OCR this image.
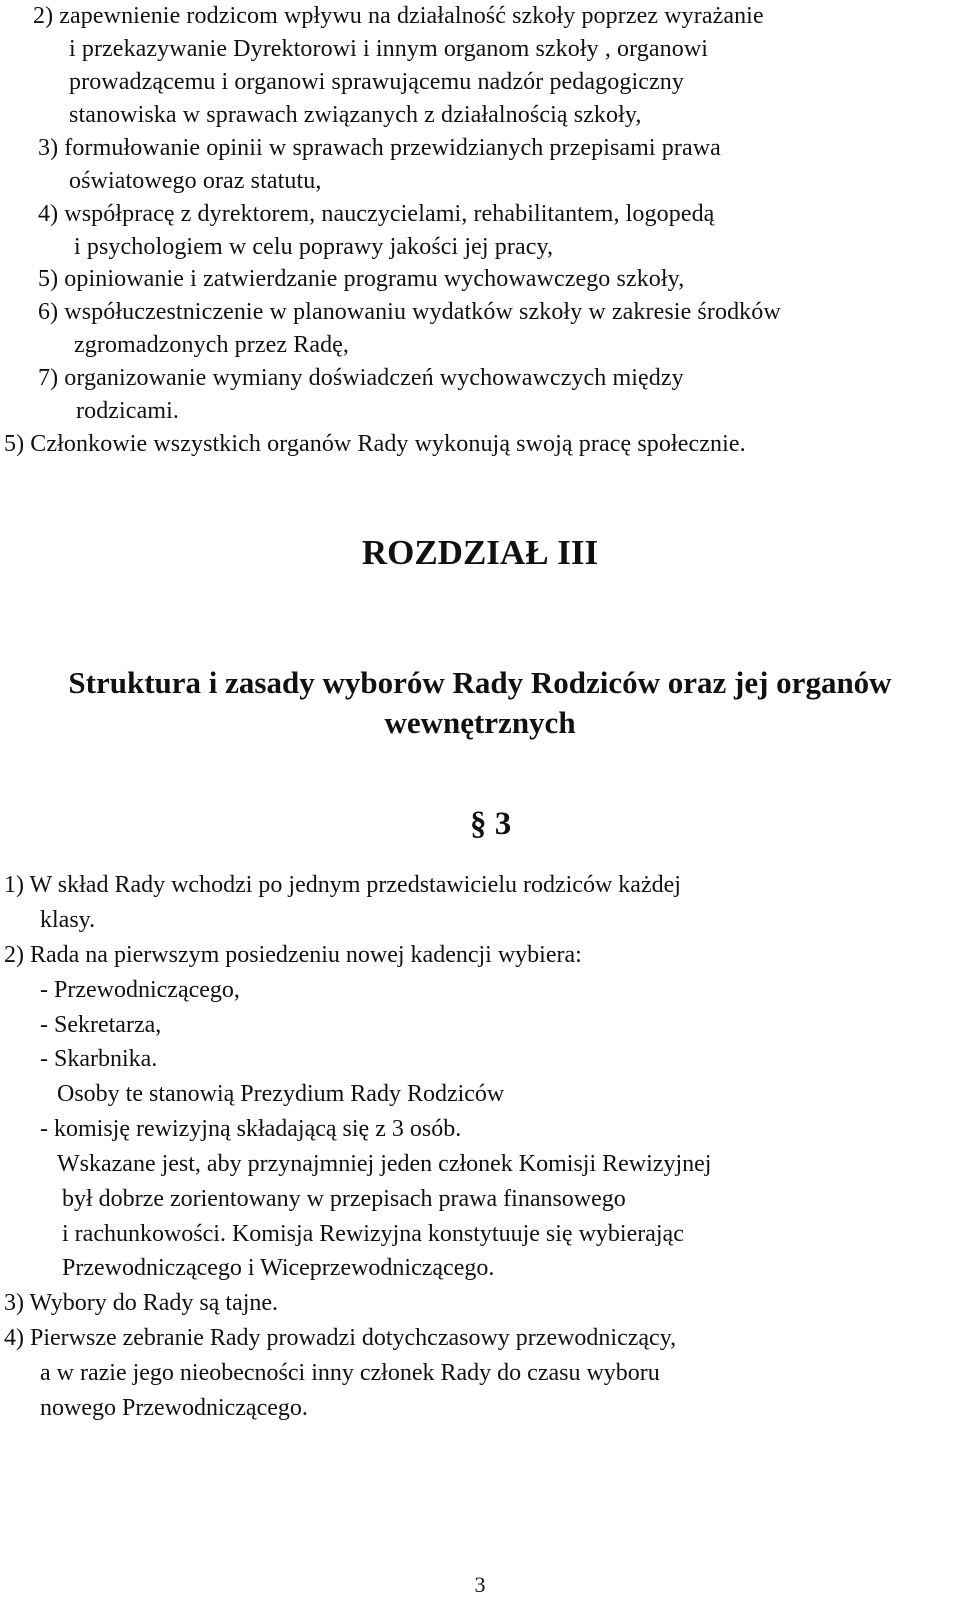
2) zapewnienie rodzicom wpływu na działalność szkoły poprzez wyrażanie
i przekazywanie Dyrektorowi i innym organom szkoły , organowi
prowadzącemu i organowi sprawującemu nadzór pedagogiczny
stanowiska w sprawach związanych z działalnością szkoły,
3) formułowanie opinii w sprawach przewidzianych przepisami prawa
oświatowego oraz statutu,
4) współpracę z dyrektorem, nauczycielami, rehabilitantem, logopedą
i psychologiem w celu poprawy jakości jej pracy,
5) opiniowanie i zatwierdzanie programu wychowawczego szkoły,
6) współuczestniczenie w planowaniu wydatków szkoły w zakresie środków
zgromadzonych przez Radę,
7) organizowanie wymiany doświadczeń wychowawczych między
rodzicami.
5) Członkowie wszystkich organów Rady wykonują swoją pracę społecznie.
ROZDZIAŁ III
Struktura i zasady wyborów Rady Rodziców oraz jej organów
wewnętrznych
§ 3
1) W skład Rady wchodzi po jednym przedstawicielu rodziców każdej
klasy.
2) Rada na pierwszym posiedzeniu nowej kadencji wybiera:
- Przewodniczącego,
- Sekretarza,
- Skarbnika.
Osoby te stanowią Prezydium Rady Rodziców
- komisję rewizyjną składającą się z 3 osób.
Wskazane jest, aby przynajmniej jeden członek Komisji Rewizyjnej
był dobrze zorientowany w przepisach prawa finansowego
i rachunkowości. Komisja Rewizyjna konstytuuje się wybierając
Przewodniczącego i Wiceprzewodniczącego.
3) Wybory do Rady są tajne.
4) Pierwsze zebranie Rady prowadzi dotychczasowy przewodniczący,
a w razie jego nieobecności inny członek Rady do czasu wyboru
nowego Przewodniczącego.
3
